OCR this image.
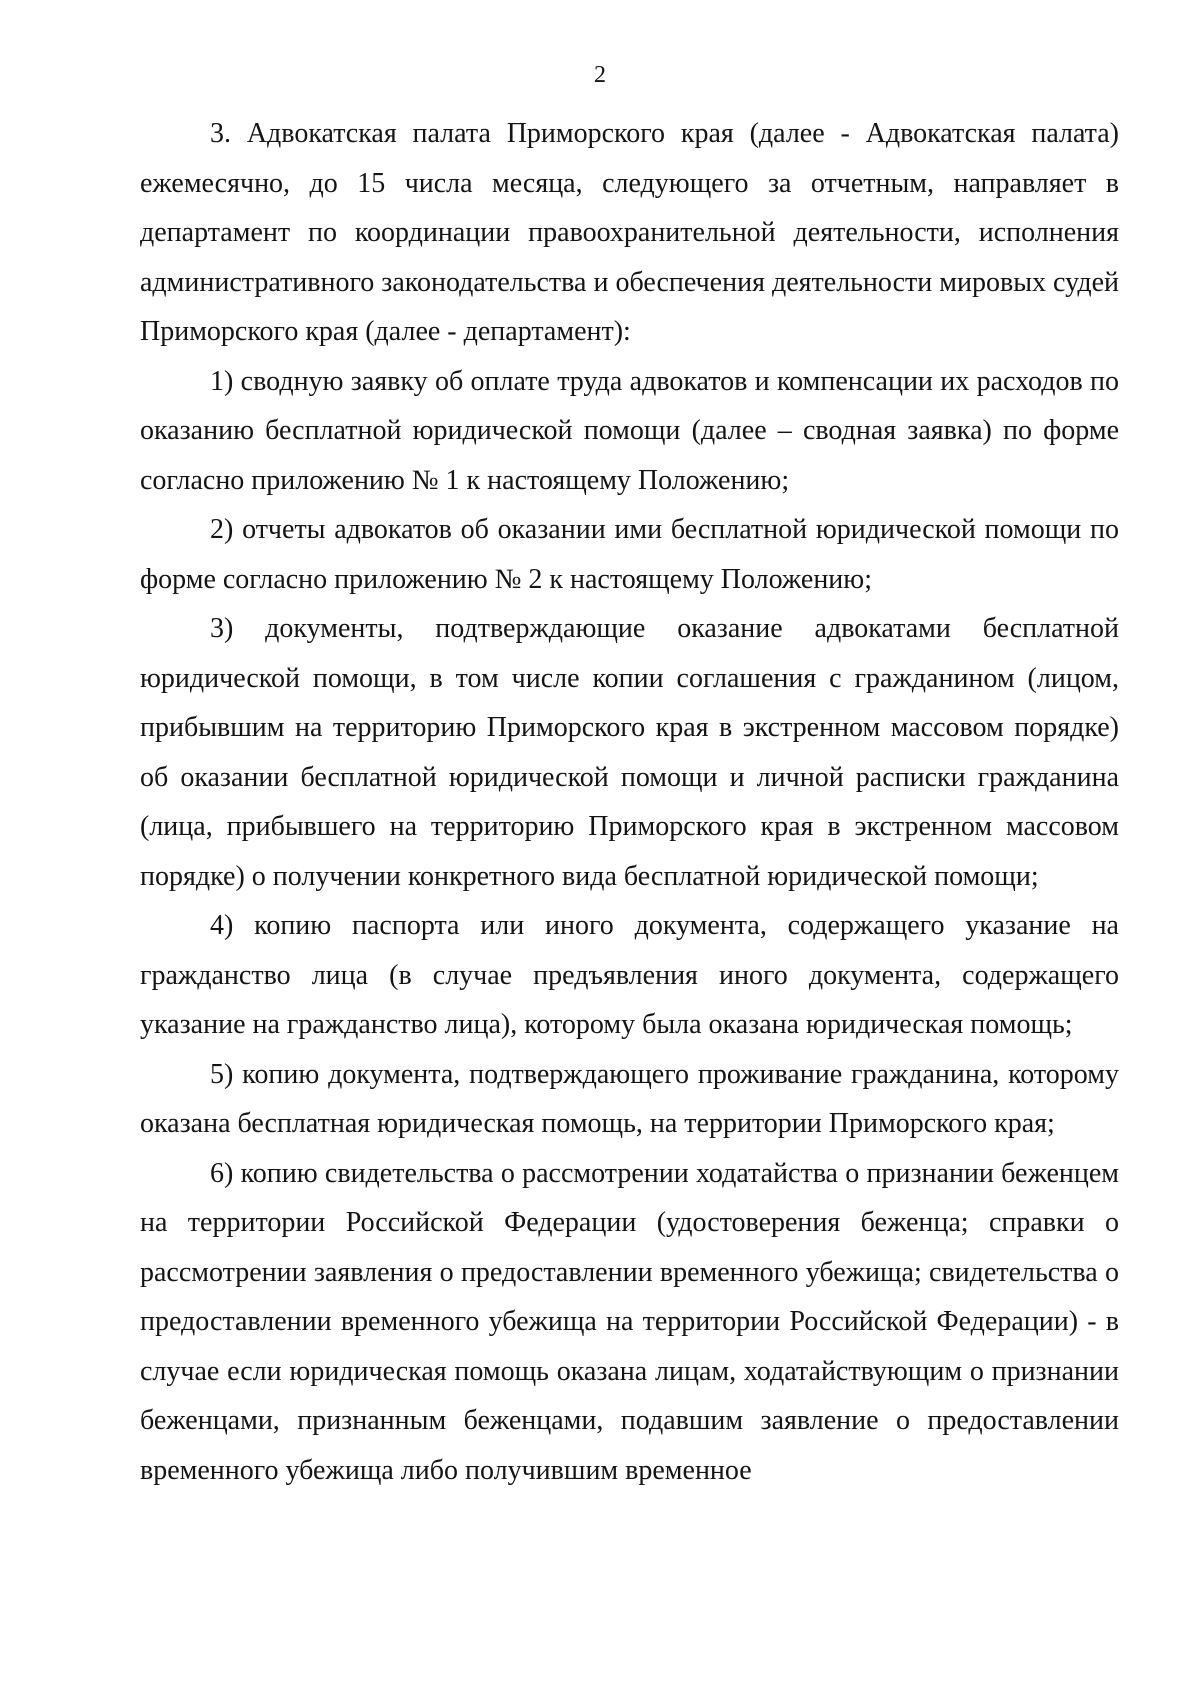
2

3. Адвокатская палата Приморского края (далее - Адвокатская палата) ежемесячно, до 15 числа месяца, следующего за отчетным, направляет в департамент по координации правоохранительной деятельности, исполнения административного законодательства и обеспечения деятельности мировых судей Приморского края (далее - департамент):

1) сводную заявку об оплате труда адвокатов и компенсации их расходов по оказанию бесплатной юридической помощи (далее – сводная заявка) по форме согласно приложению № 1 к настоящему Положению;

2) отчеты адвокатов об оказании ими бесплатной юридической помощи по форме согласно приложению № 2 к настоящему Положению;

3) документы, подтверждающие оказание адвокатами бесплатной юридической помощи, в том числе копии соглашения с гражданином (лицом, прибывшим на территорию Приморского края в экстренном массовом порядке) об оказании бесплатной юридической помощи и личной расписки гражданина (лица, прибывшего на территорию Приморского края в экстренном массовом порядке) о получении конкретного вида бесплатной юридической помощи;

4) копию паспорта или иного документа, содержащего указание на гражданство лица (в случае предъявления иного документа, содержащего указание на гражданство лица), которому была оказана юридическая помощь;

5) копию документа, подтверждающего проживание гражданина, которому оказана бесплатная юридическая помощь, на территории Приморского края;

6) копию свидетельства о рассмотрении ходатайства о признании беженцем на территории Российской Федерации (удостоверения беженца; справки о рассмотрении заявления о предоставлении временного убежища; свидетельства о предоставлении временного убежища на территории Российской Федерации) - в случае если юридическая помощь оказана лицам, ходатайствующим о признании беженцами, признанным беженцами, подавшим заявление о предоставлении временного убежища либо получившим временное
